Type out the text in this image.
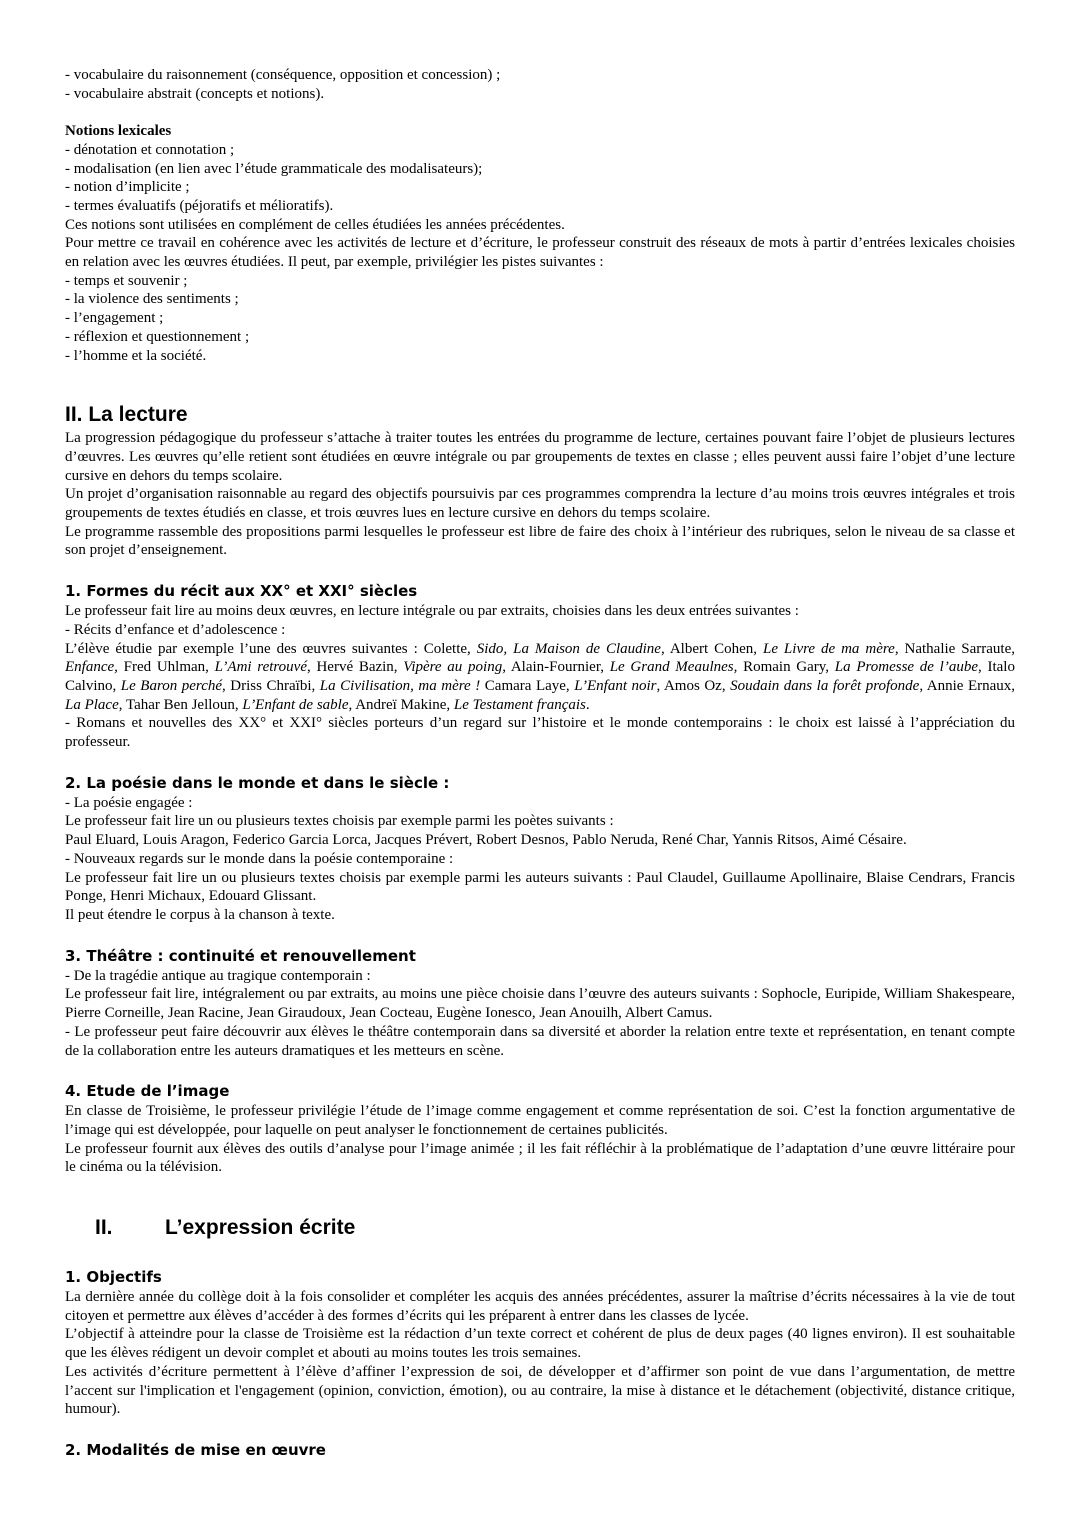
- vocabulaire du raisonnement (conséquence, opposition et concession) ;
- vocabulaire abstrait (concepts et notions).
Notions lexicales
- dénotation et connotation ;
- modalisation (en lien avec l’étude grammaticale des modalisateurs);
- notion d’implicite ;
- termes évaluatifs (péjoratifs et mélioratifs).
Ces notions sont utilisées en complément de celles étudiées les années précédentes.
Pour mettre ce travail en cohérence avec les activités de lecture et d’écriture, le professeur construit des réseaux de mots à partir d’entrées lexicales choisies en relation avec les œuvres étudiées. Il peut, par exemple, privilégier les pistes suivantes :
- temps et souvenir ;
- la violence des sentiments ;
- l’engagement ;
- réflexion et questionnement ;
- l’homme et la société.
II. La lecture
La progression pédagogique du professeur s’attache à traiter toutes les entrées du programme de lecture, certaines pouvant faire l’objet de plusieurs lectures d’œuvres. Les œuvres qu’elle retient sont étudiées en œuvre intégrale ou par groupements de textes en classe ; elles peuvent aussi faire l’objet d’une lecture cursive en dehors du temps scolaire.
Un projet d’organisation raisonnable au regard des objectifs poursuivis par ces programmes comprendra la lecture d’au moins trois œuvres intégrales et trois groupements de textes étudiés en classe, et trois œuvres lues en lecture cursive en dehors du temps scolaire.
Le programme rassemble des propositions parmi lesquelles le professeur est libre de faire des choix à l’intérieur des rubriques, selon le niveau de sa classe et son projet d’enseignement.
1. Formes du récit aux XX° et XXI° siècles
Le professeur fait lire au moins deux œuvres, en lecture intégrale ou par extraits, choisies dans les deux entrées suivantes :
- Récits d’enfance et d’adolescence :
L’élève étudie par exemple l’une des œuvres suivantes : Colette, Sido, La Maison de Claudine, Albert Cohen, Le Livre de ma mère, Nathalie Sarraute, Enfance, Fred Uhlman, L’Ami retrouvé, Hervé Bazin, Vipère au poing, Alain-Fournier, Le Grand Meaulnes, Romain Gary, La Promesse de l’aube, Italo Calvino, Le Baron perché, Driss Chraïbi, La Civilisation, ma mère ! Camara Laye, L’Enfant noir, Amos Oz, Soudain dans la forêt profonde, Annie Ernaux, La Place, Tahar Ben Jelloun, L’Enfant de sable, Andreï Makine, Le Testament français.
- Romans et nouvelles des XX° et XXI° siècles porteurs d’un regard sur l’histoire et le monde contemporains : le choix est laissé à l’appréciation du professeur.
2. La poésie dans le monde et dans le siècle :
- La poésie engagée :
Le professeur fait lire un ou plusieurs textes choisis par exemple parmi les poètes suivants :
Paul Eluard, Louis Aragon, Federico Garcia Lorca, Jacques Prévert, Robert Desnos, Pablo Neruda, René Char, Yannis Ritsos, Aimé Césaire.
- Nouveaux regards sur le monde dans la poésie contemporaine :
Le professeur fait lire un ou plusieurs textes choisis par exemple parmi les auteurs suivants : Paul Claudel, Guillaume Apollinaire, Blaise Cendrars, Francis Ponge, Henri Michaux, Edouard Glissant.
Il peut étendre le corpus à la chanson à texte.
3. Théâtre : continuité et renouvellement
- De la tragédie antique au tragique contemporain :
Le professeur fait lire, intégralement ou par extraits, au moins une pièce choisie dans l’œuvre des auteurs suivants : Sophocle, Euripide, William Shakespeare, Pierre Corneille, Jean Racine, Jean Giraudoux, Jean Cocteau, Eugène Ionesco, Jean Anouilh, Albert Camus.
- Le professeur peut faire découvrir aux élèves le théâtre contemporain dans sa diversité et aborder la relation entre texte et représentation, en tenant compte de la collaboration entre les auteurs dramatiques et les metteurs en scène.
4. Etude de l’image
En classe de Troisième, le professeur privilégie l’étude de l’image comme engagement et comme représentation de soi. C’est la fonction argumentative de l’image qui est développée, pour laquelle on peut analyser le fonctionnement de certaines publicités.
Le professeur fournit aux élèves des outils d’analyse pour l’image animée ; il les fait réfléchir à la problématique de l’adaptation d’une œuvre littéraire pour le cinéma ou la télévision.
II. L’expression écrite
1. Objectifs
La dernière année du collège doit à la fois consolider et compléter les acquis des années précédentes, assurer la maîtrise d’écrits nécessaires à la vie de tout citoyen et permettre aux élèves d’accéder à des formes d’écrits qui les préparent à entrer dans les classes de lycée.
L’objectif à atteindre pour la classe de Troisième est la rédaction d’un texte correct et cohérent de plus de deux pages (40 lignes environ). Il est souhaitable que les élèves rédigent un devoir complet et abouti au moins toutes les trois semaines.
Les activités d’écriture permettent à l’élève d’affiner l’expression de soi, de développer et d’affirmer son point de vue dans l’argumentation, de mettre l’accent sur l'implication et l'engagement (opinion, conviction, émotion), ou au contraire, la mise à distance et le détachement (objectivité, distance critique, humour).
2. Modalités de mise en œuvre
